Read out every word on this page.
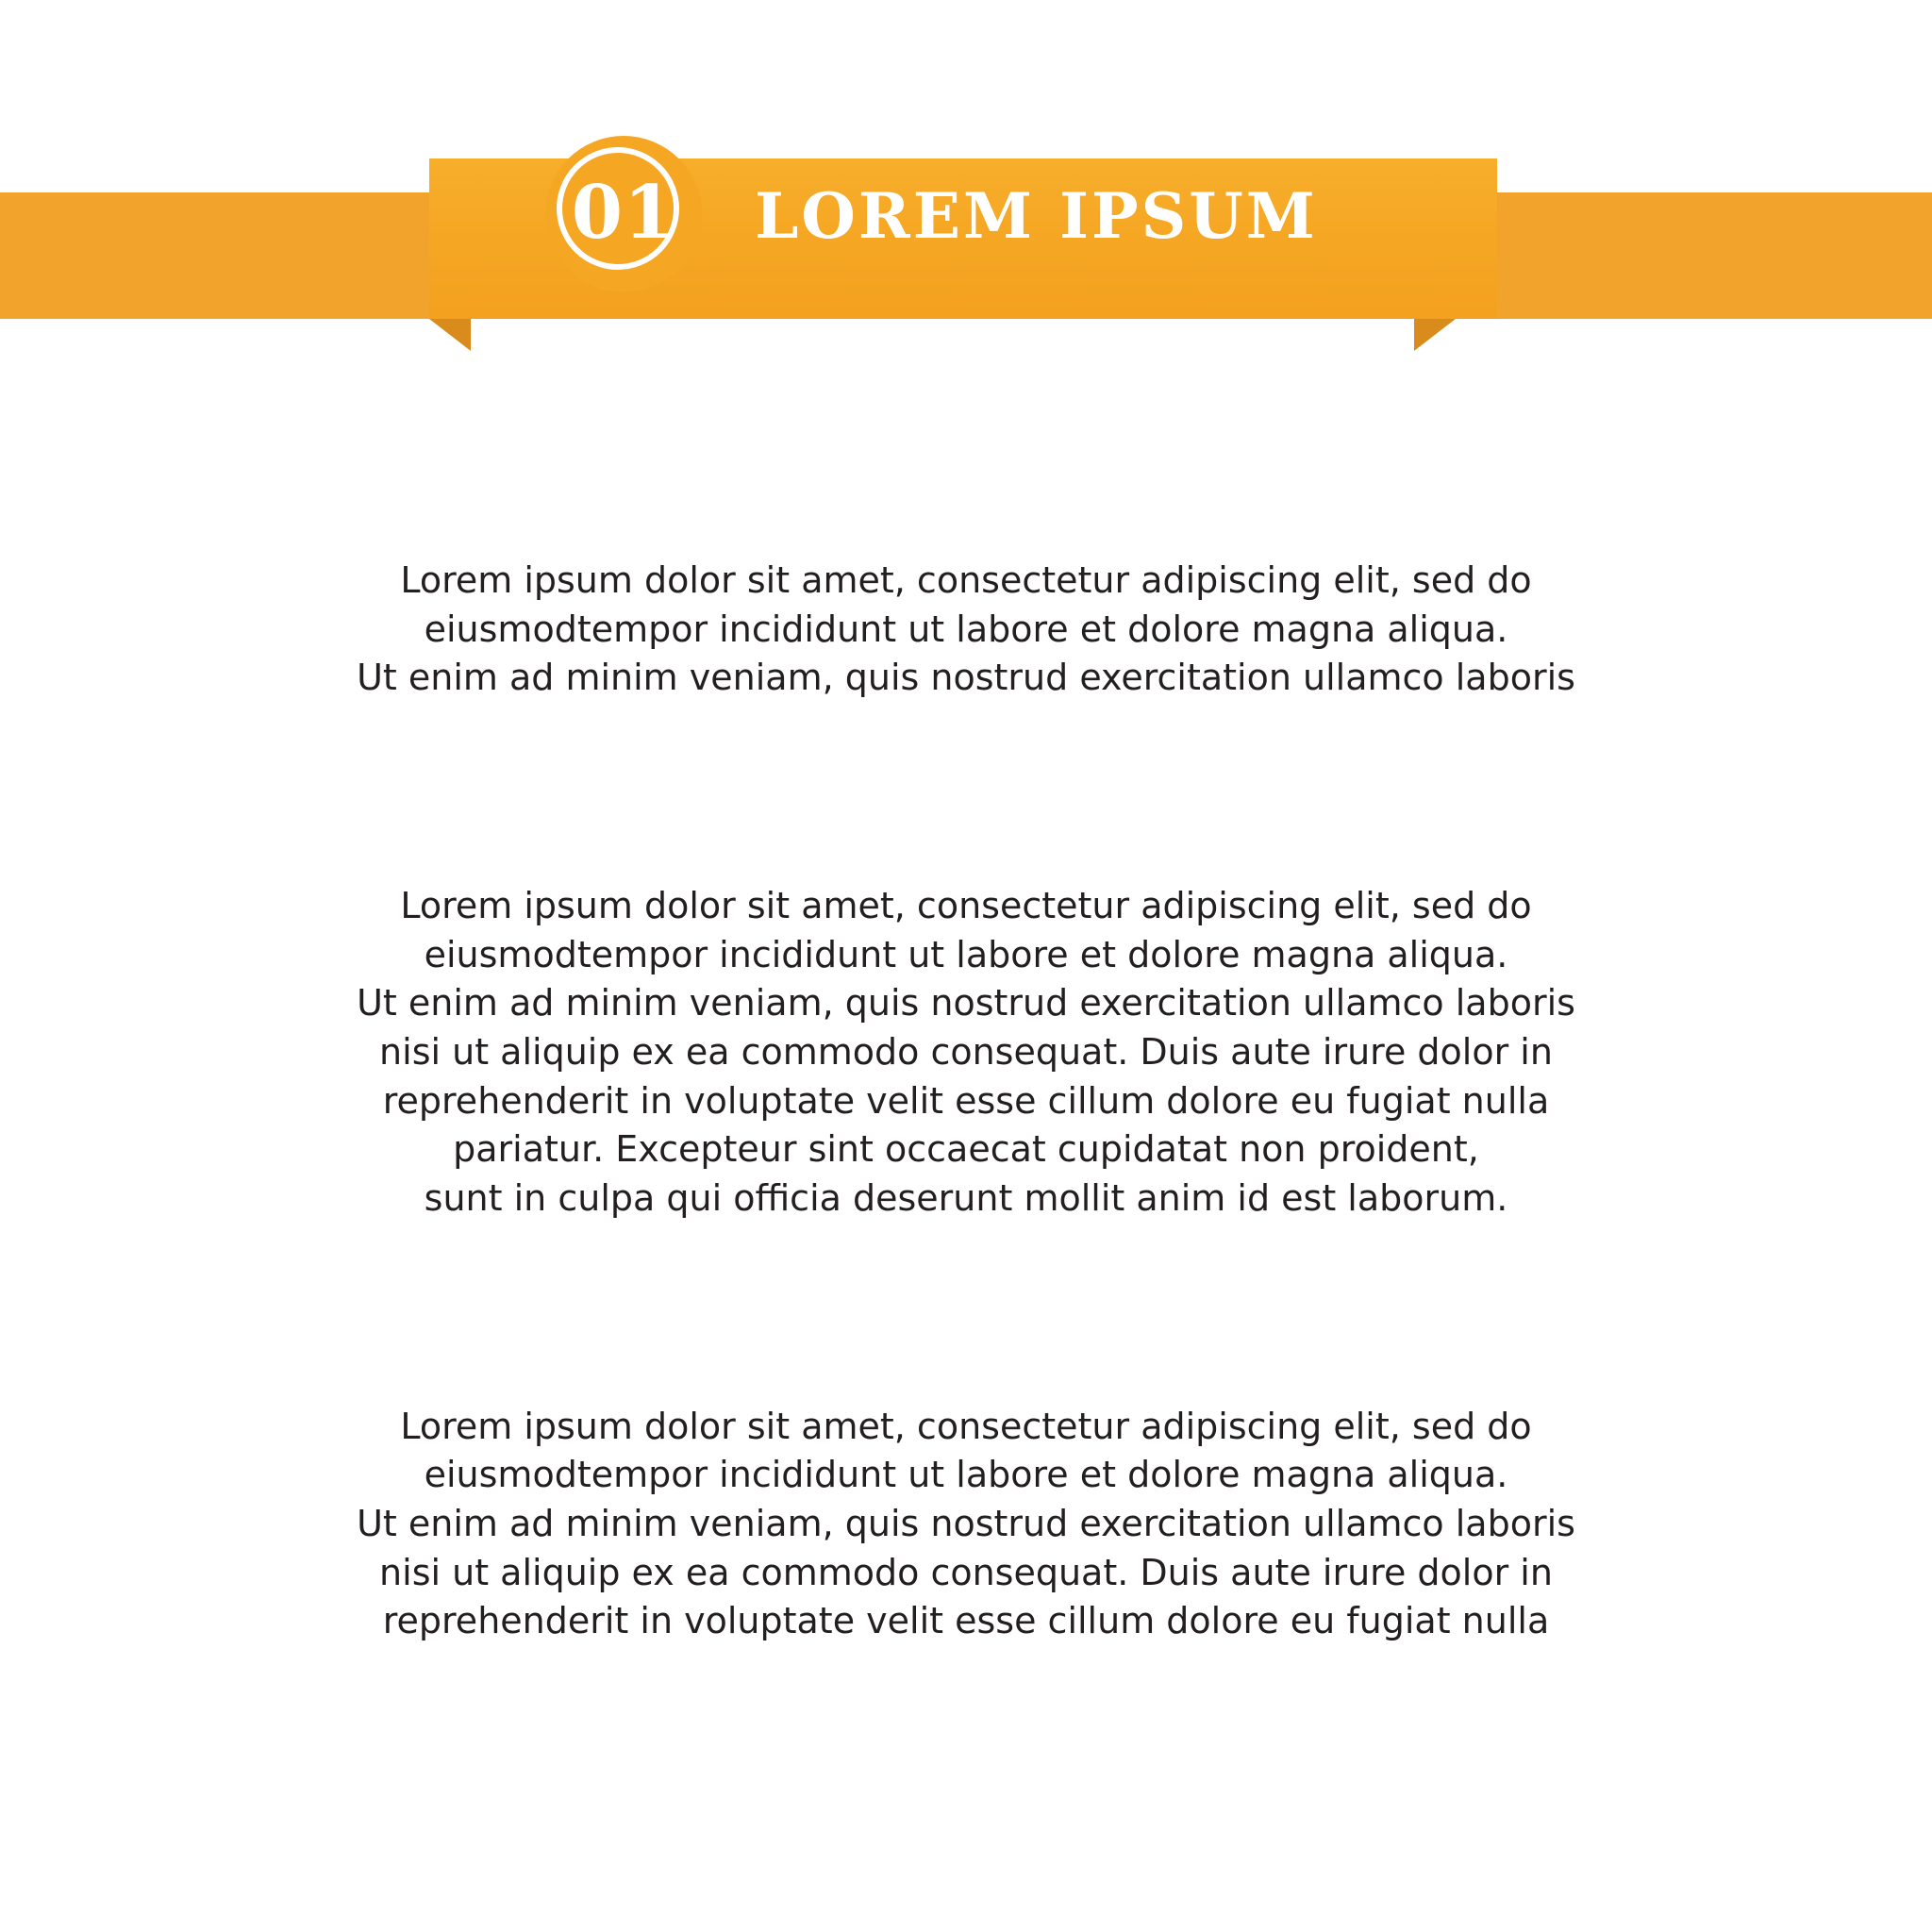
01 LOREM IPSUM
Lorem ipsum dolor sit amet, consectetur adipiscing elit, sed do
eiusmodtempor incididunt ut labore et dolore magna aliqua.
Ut enim ad minim veniam, quis nostrud exercitation ullamco laboris
Lorem ipsum dolor sit amet, consectetur adipiscing elit, sed do
eiusmodtempor incididunt ut labore et dolore magna aliqua.
Ut enim ad minim veniam, quis nostrud exercitation ullamco laboris
nisi ut aliquip ex ea commodo consequat. Duis aute irure dolor in
reprehenderit in voluptate velit esse cillum dolore eu fugiat nulla
pariatur. Excepteur sint occaecat cupidatat non proident,
sunt in culpa qui officia deserunt mollit anim id est laborum.
Lorem ipsum dolor sit amet, consectetur adipiscing elit, sed do
eiusmodtempor incididunt ut labore et dolore magna aliqua.
Ut enim ad minim veniam, quis nostrud exercitation ullamco laboris
nisi ut aliquip ex ea commodo consequat. Duis aute irure dolor in
reprehenderit in voluptate velit esse cillum dolore eu fugiat nulla
